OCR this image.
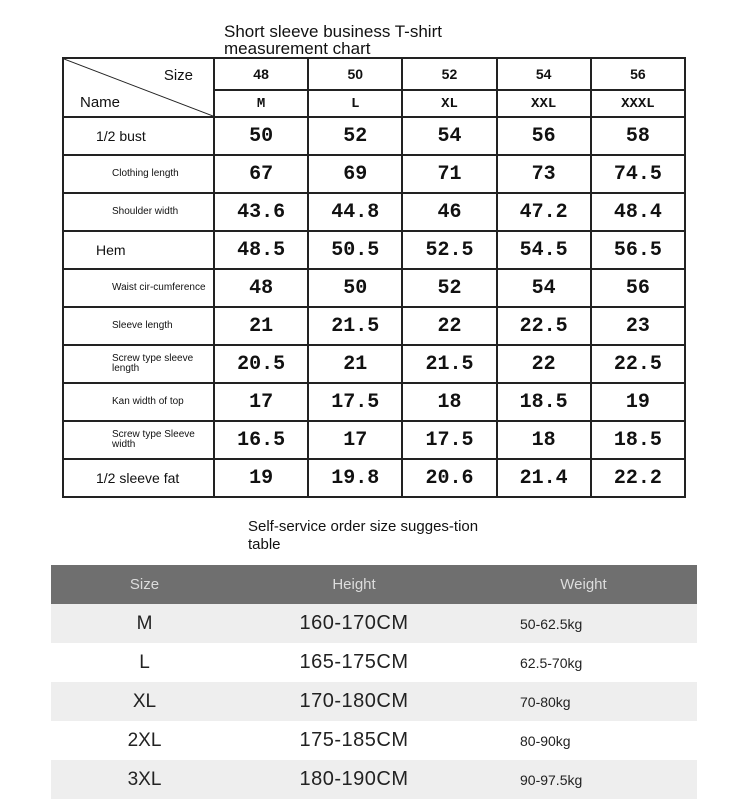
Short sleeve business T-shirt
measurement chart
Size
Name	48	50	52	54	56
	M	L	XL	XXL	XXXL
1/2 bust	50	52	54	56	58
Clothing length	67	69	71	73	74.5
Shoulder width	43.6	44.8	46	47.2	48.4
Hem	48.5	50.5	52.5	54.5	56.5
Waist cir-cumference	48	50	52	54	56
Sleeve length	21	21.5	22	22.5	23
Screw type sleeve length	20.5	21	21.5	22	22.5
Kan width of top	17	17.5	18	18.5	19
Screw type Sleeve width	16.5	17	17.5	18	18.5
1/2 sleeve fat	19	19.8	20.6	21.4	22.2
Self-service order size sugges-tion table
Size	Height	Weight
M	160-170CM	50-62.5kg
L	165-175CM	62.5-70kg
XL	170-180CM	70-80kg
2XL	175-185CM	80-90kg
3XL	180-190CM	90-97.5kg
